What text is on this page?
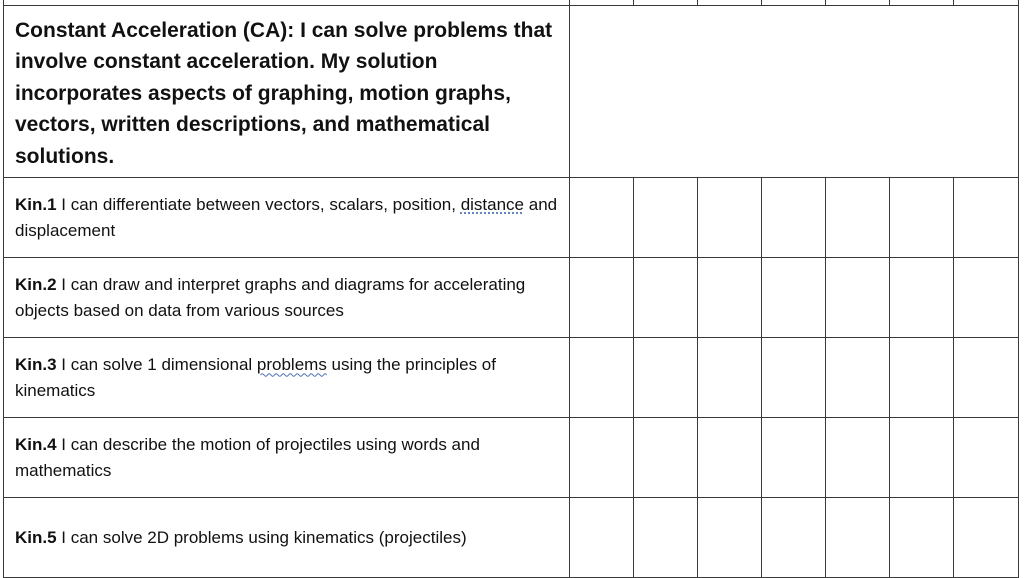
Constant Acceleration (CA): I can solve problems that involve constant acceleration. My solution incorporates aspects of graphing, motion graphs, vectors, written descriptions, and mathematical solutions.							
Kin.1 I can differentiate between vectors, scalars, position, distance and displacement							
Kin.2 I can draw and interpret graphs and diagrams for accelerating objects based on data from various sources							
Kin.3 I can solve 1 dimensional problems using the principles of kinematics							
Kin.4 I can describe the motion of projectiles using words and mathematics							
Kin.5 I can solve 2D problems using kinematics (projectiles)							
